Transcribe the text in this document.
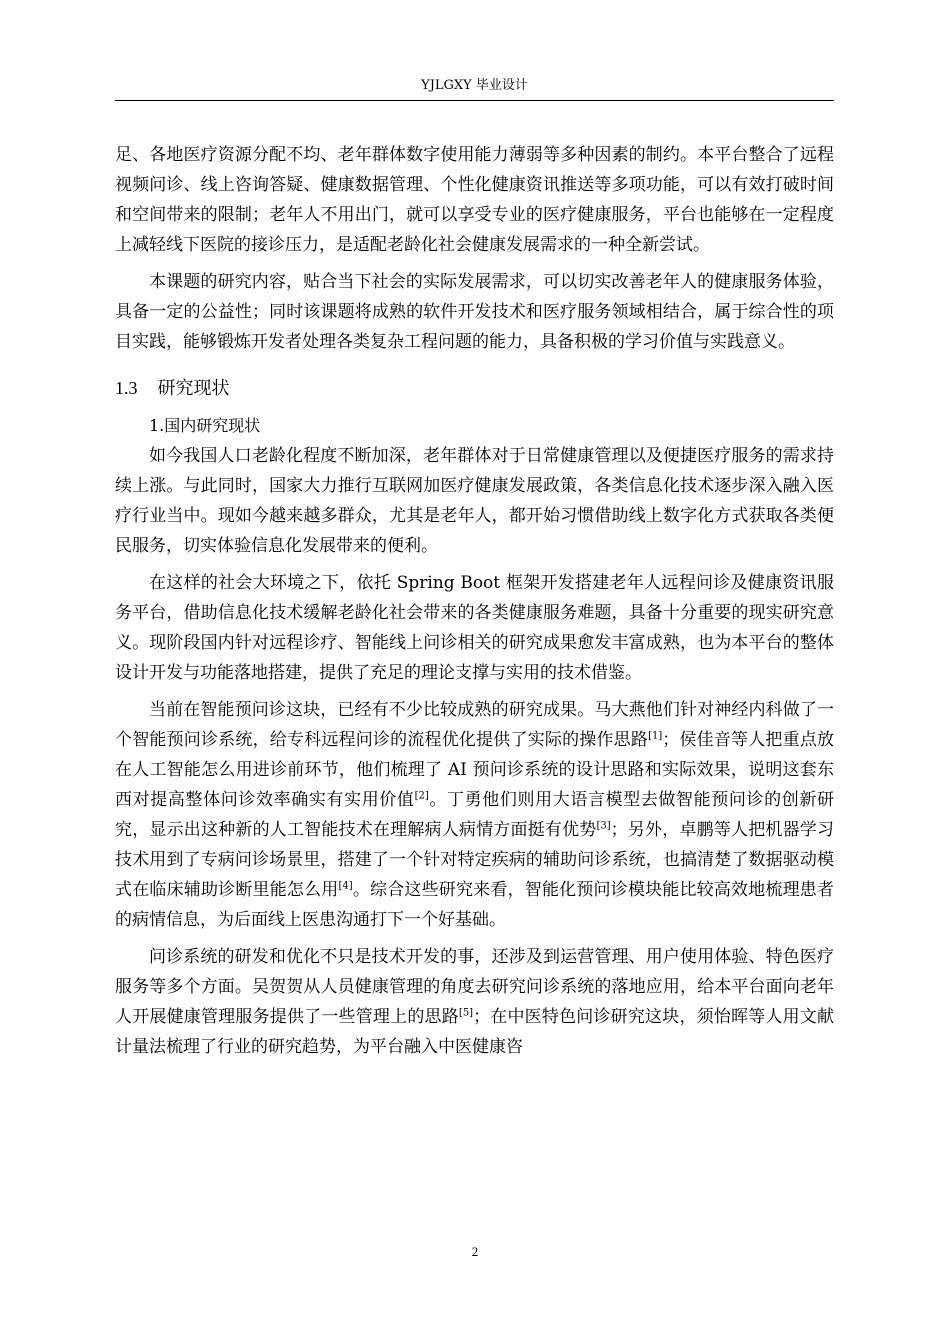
YJLGXY 毕业设计

足、各地医疗资源分配不均、老年群体数字使用能力薄弱等多种因素的制约。本平台整合了远程视频问诊、线上咨询答疑、健康数据管理、个性化健康资讯推送等多项功能，可以有效打破时间和空间带来的限制；老年人不用出门，就可以享受专业的医疗健康服务，平台也能够在一定程度上减轻线下医院的接诊压力，是适配老龄化社会健康发展需求的一种全新尝试。

本课题的研究内容，贴合当下社会的实际发展需求，可以切实改善老年人的健康服务体验，具备一定的公益性；同时该课题将成熟的软件开发技术和医疗服务领域相结合，属于综合性的项目实践，能够锻炼开发者处理各类复杂工程问题的能力，具备积极的学习价值与实践意义。

1.3 研究现状
1.国内研究现状

如今我国人口老龄化程度不断加深，老年群体对于日常健康管理以及便捷医疗服务的需求持续上涨。与此同时，国家大力推行互联网加医疗健康发展政策，各类信息化技术逐步深入融入医疗行业当中。现如今越来越多群众，尤其是老年人，都开始习惯借助线上数字化方式获取各类便民服务，切实体验信息化发展带来的便利。

在这样的社会大环境之下，依托 Spring Boot 框架开发搭建老年人远程问诊及健康资讯服务平台，借助信息化技术缓解老龄化社会带来的各类健康服务难题，具备十分重要的现实研究意义。现阶段国内针对远程诊疗、智能线上问诊相关的研究成果愈发丰富成熟，也为本平台的整体设计开发与功能落地搭建，提供了充足的理论支撑与实用的技术借鉴。

当前在智能预问诊这块，已经有不少比较成熟的研究成果。马大燕他们针对神经内科做了一个智能预问诊系统，给专科远程问诊的流程优化提供了实际的操作思路[1]；侯佳音等人把重点放在人工智能怎么用进诊前环节，他们梳理了 AI 预问诊系统的设计思路和实际效果，说明这套东西对提高整体问诊效率确实有实用价值[2]。丁勇他们则用大语言模型去做智能预问诊的创新研究，显示出这种新的人工智能技术在理解病人病情方面挺有优势[3]；另外，卓鹏等人把机器学习技术用到了专病问诊场景里，搭建了一个针对特定疾病的辅助问诊系统，也搞清楚了数据驱动模式在临床辅助诊断里能怎么用[4]。综合这些研究来看，智能化预问诊模块能比较高效地梳理患者的病情信息，为后面线上医患沟通打下一个好基础。

问诊系统的研发和优化不只是技术开发的事，还涉及到运营管理、用户使用体验、特色医疗服务等多个方面。吴贺贺从人员健康管理的角度去研究问诊系统的落地应用，给本平台面向老年人开展健康管理服务提供了一些管理上的思路[5]；在中医特色问诊研究这块，须怡晖等人用文献计量法梳理了行业的研究趋势，为平台融入中医健康咨

2
